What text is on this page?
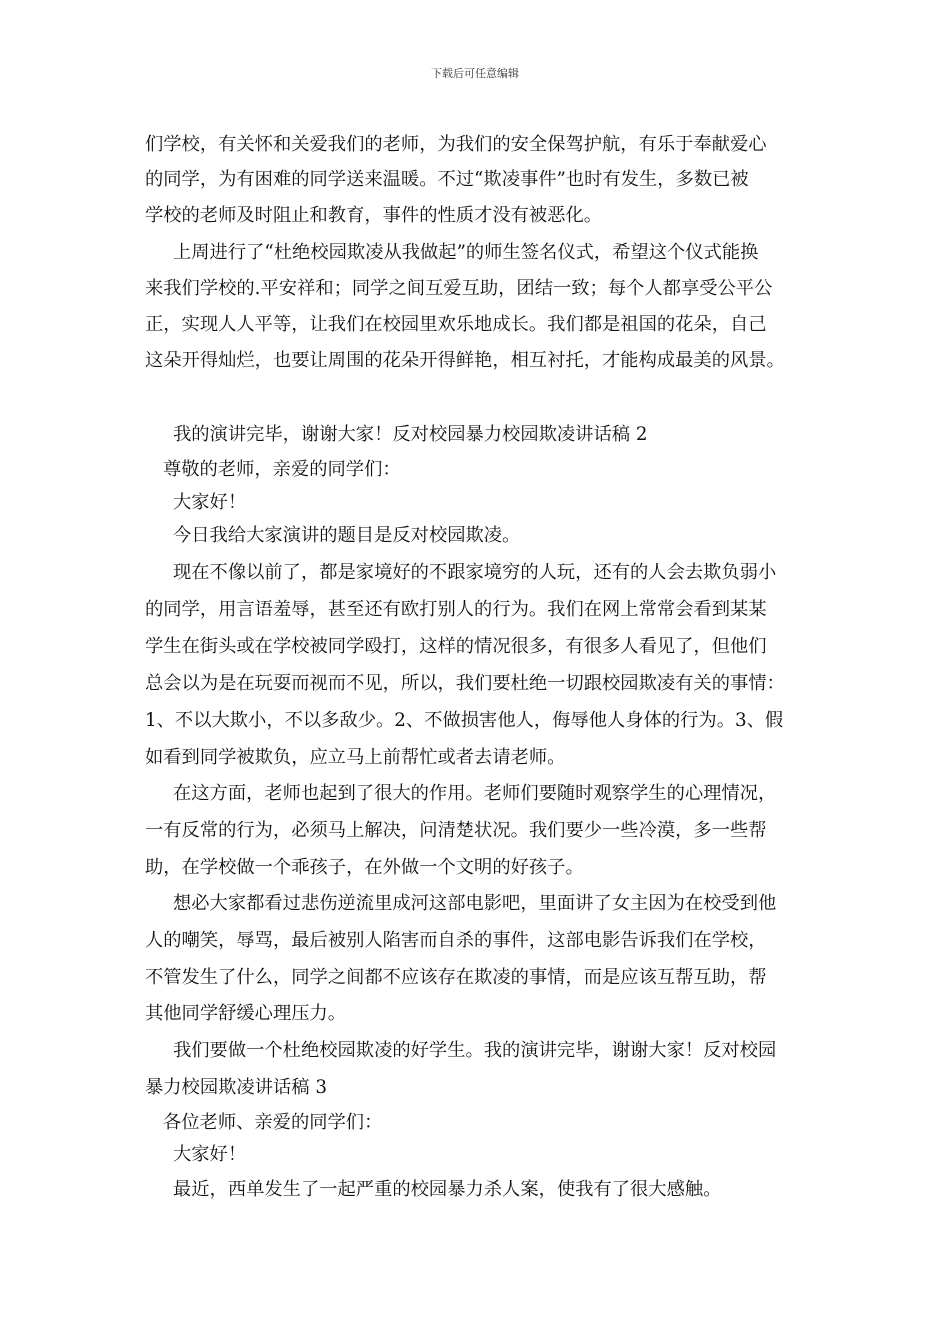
下载后可任意编辑
们学校，有关怀和关爱我们的老师，为我们的安全保驾护航，有乐于奉献爱心
的同学，为有困难的同学送来温暖。不过“欺凌事件”也时有发生，多数已被
学校的老师及时阻止和教育，事件的性质才没有被恶化。
上周进行了“杜绝校园欺凌从我做起”的师生签名仪式，希望这个仪式能换
来我们学校的.平安祥和；同学之间互爱互助，团结一致；每个人都享受公平公
正，实现人人平等，让我们在校园里欢乐地成长。我们都是祖国的花朵，自己
这朵开得灿烂，也要让周围的花朵开得鲜艳，相互衬托，才能构成最美的风景。
我的演讲完毕，谢谢大家！反对校园暴力校园欺凌讲话稿 2
尊敬的老师，亲爱的同学们：
大家好！
今日我给大家演讲的题目是反对校园欺凌。
现在不像以前了，都是家境好的不跟家境穷的人玩，还有的人会去欺负弱小
的同学，用言语羞辱，甚至还有欧打别人的行为。我们在网上常常会看到某某
学生在街头或在学校被同学殴打，这样的情况很多，有很多人看见了，但他们
总会以为是在玩耍而视而不见，所以，我们要杜绝一切跟校园欺凌有关的事情：
1、不以大欺小，不以多敌少。2、不做损害他人，侮辱他人身体的行为。3、假
如看到同学被欺负，应立马上前帮忙或者去请老师。
在这方面，老师也起到了很大的作用。老师们要随时观察学生的心理情况，
一有反常的行为，必须马上解决，问清楚状况。我们要少一些冷漠，多一些帮
助，在学校做一个乖孩子，在外做一个文明的好孩子。
想必大家都看过悲伤逆流里成河这部电影吧，里面讲了女主因为在校受到他
人的嘲笑，辱骂，最后被别人陷害而自杀的事件，这部电影告诉我们在学校，
不管发生了什么，同学之间都不应该存在欺凌的事情，而是应该互帮互助，帮
其他同学舒缓心理压力。
我们要做一个杜绝校园欺凌的好学生。我的演讲完毕，谢谢大家！反对校园
暴力校园欺凌讲话稿 3
各位老师、亲爱的同学们：
大家好！
最近，西单发生了一起严重的校园暴力杀人案，使我有了很大感触。
